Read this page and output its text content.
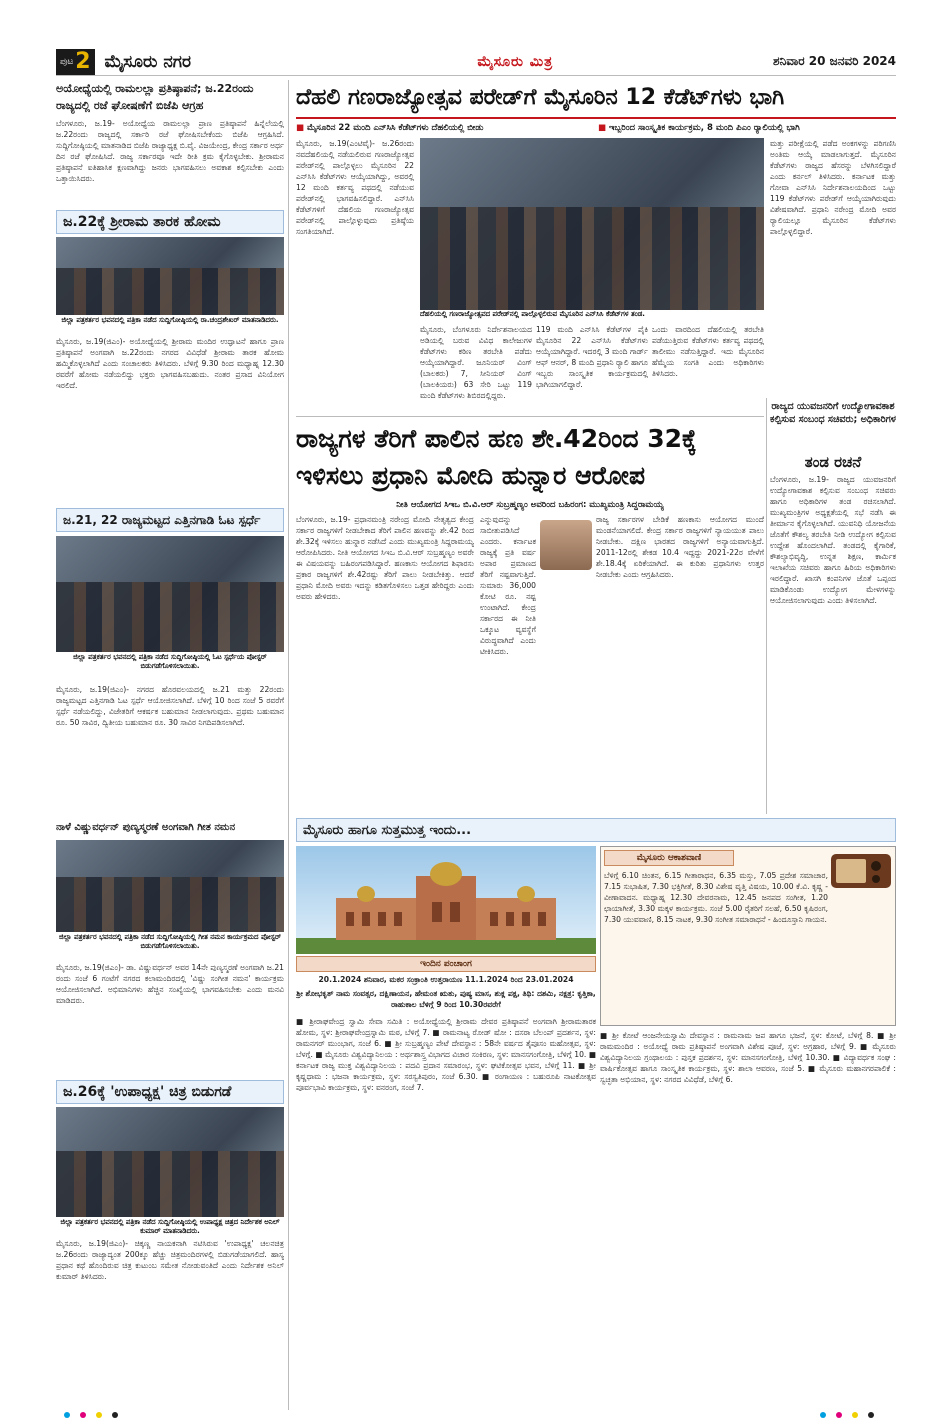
ಪುಟ 2 ಮೈಸೂರು ನಗರ	ಮೈಸೂರು ಮಿತ್ರ	ಶನಿವಾರ 20 ಜನವರಿ 2024
ಅಯೋಧ್ಯೆಯಲ್ಲಿ ರಾಮಲಲ್ಲಾ ಪ್ರತಿಷ್ಠಾಪನೆ; ಜ.22ರಂದು ರಾಜ್ಯದಲ್ಲಿ ರಜೆ ಘೋಷಣೆಗೆ ಬಿಜೆಪಿ ಆಗ್ರಹ
ಬೆಂಗಳೂರು, ಜ.19- ಅಯೋಧ್ಯೆಯ ರಾಮಲಲ್ಲಾ ಪ್ರಾಣ ಪ್ರತಿಷ್ಠಾಪನೆ ಹಿನ್ನೆಲೆಯಲ್ಲಿ ಜ.22ರಂದು ರಾಜ್ಯದಲ್ಲಿ ಸರ್ಕಾರಿ ರಜೆ ಘೋಷಿಸಬೇಕೆಂದು ಬಿಜೆಪಿ ಆಗ್ರಹಿಸಿದೆ. ಸುದ್ದಿಗೋಷ್ಠಿಯಲ್ಲಿ ಮಾತನಾಡಿದ ಬಿಜೆಪಿ ರಾಜ್ಯಾಧ್ಯಕ್ಷ ಬಿ.ವೈ. ವಿಜಯೇಂದ್ರ, ಕೇಂದ್ರ ಸರ್ಕಾರ ಅರ್ಧ ದಿನ ರಜೆ ಘೋಷಿಸಿದೆ. ರಾಜ್ಯ ಸರ್ಕಾರವೂ ಇದೇ ರೀತಿ ಕ್ರಮ ಕೈಗೊಳ್ಳಬೇಕು. ಶ್ರೀರಾಮನ ಪ್ರತಿಷ್ಠಾಪನೆ ಐತಿಹಾಸಿಕ ಕ್ಷಣವಾಗಿದ್ದು ಜನರು ಭಾಗವಹಿಸಲು ಅವಕಾಶ ಕಲ್ಪಿಸಬೇಕು ಎಂದು ಒತ್ತಾಯಿಸಿದರು.
ಜ.22ಕ್ಕೆ ಶ್ರೀರಾಮ ತಾರಕ ಹೋಮ
ಜಿಲ್ಲಾ ಪತ್ರಕರ್ತರ ಭವನದಲ್ಲಿ ಪತ್ರಿಕಾ ನಡೆದ ಸುದ್ದಿಗೋಷ್ಠಿಯಲ್ಲಿ ರಾ.ಚಂದ್ರಶೇಖರ್ ಮಾತನಾಡಿದರು.
ಮೈಸೂರು, ಜ.19(ಜಿಎಂ)- ಅಯೋಧ್ಯೆಯಲ್ಲಿ ಶ್ರೀರಾಮ ಮಂದಿರ ಉದ್ಘಾಟನೆ ಹಾಗೂ ಪ್ರಾಣ ಪ್ರತಿಷ್ಠಾಪನೆ ಅಂಗವಾಗಿ ಜ.22ರಂದು ನಗರದ ವಿವಿಧೆಡೆ ಶ್ರೀರಾಮ ತಾರಕ ಹೋಮ ಹಮ್ಮಿಕೊಳ್ಳಲಾಗಿದೆ ಎಂದು ಸಂಚಾಲಕರು ತಿಳಿಸಿದರು. ಬೆಳಿಗ್ಗೆ 9.30 ರಿಂದ ಮಧ್ಯಾಹ್ನ 12.30 ರವರೆಗೆ ಹೋಮ ನಡೆಯಲಿದ್ದು ಭಕ್ತರು ಭಾಗವಹಿಸಬಹುದು. ನಂತರ ಪ್ರಸಾದ ವಿನಿಯೋಗ ಇರಲಿದೆ.
ಜ.21, 22 ರಾಜ್ಯಮಟ್ಟದ ಎತ್ತಿನಗಾಡಿ ಓಟ ಸ್ಪರ್ಧೆ
ಜಿಲ್ಲಾ ಪತ್ರಕರ್ತರ ಭವನದಲ್ಲಿ ಪತ್ರಿಕಾ ನಡೆದ ಸುದ್ದಿಗೋಷ್ಠಿಯಲ್ಲಿ ಓಟ ಸ್ಪರ್ಧೆಯ ಪೋಸ್ಟರ್ ಬಿಡುಗಡೆಗೊಳಿಸಲಾಯಿತು.
ಮೈಸೂರು, ಜ.19(ಜಿಎಂ)- ನಗರದ ಹೊರವಲಯದಲ್ಲಿ ಜ.21 ಮತ್ತು 22ರಂದು ರಾಜ್ಯಮಟ್ಟದ ಎತ್ತಿನಗಾಡಿ ಓಟ ಸ್ಪರ್ಧೆ ಆಯೋಜಿಸಲಾಗಿದೆ. ಬೆಳಿಗ್ಗೆ 10 ರಿಂದ ಸಂಜೆ 5 ರವರೆಗೆ ಸ್ಪರ್ಧೆ ನಡೆಯಲಿದ್ದು, ವಿಜೇತರಿಗೆ ಆಕರ್ಷಕ ಬಹುಮಾನ ನೀಡಲಾಗುವುದು. ಪ್ರಥಮ ಬಹುಮಾನ ರೂ. 50 ಸಾವಿರ, ದ್ವಿತೀಯ ಬಹುಮಾನ ರೂ. 30 ಸಾವಿರ ನಿಗದಿಪಡಿಸಲಾಗಿದೆ.
ನಾಳೆ ವಿಷ್ಣುವರ್ಧನ್ ಪುಣ್ಯಸ್ಮರಣೆ ಅಂಗವಾಗಿ ಗೀತ ನಮನ
ಜಿಲ್ಲಾ ಪತ್ರಕರ್ತರ ಭವನದಲ್ಲಿ ಪತ್ರಿಕಾ ನಡೆದ ಸುದ್ದಿಗೋಷ್ಠಿಯಲ್ಲಿ ಗೀತ ನಮನ ಕಾರ್ಯಕ್ರಮದ ಪೋಸ್ಟರ್ ಬಿಡುಗಡೆಗೊಳಿಸಲಾಯಿತು.
ಮೈಸೂರು, ಜ.19(ಜಿಎಂ)- ಡಾ. ವಿಷ್ಣುವರ್ಧನ್ ಅವರ 14ನೇ ಪುಣ್ಯಸ್ಮರಣೆ ಅಂಗವಾಗಿ ಜ.21 ರಂದು ಸಂಜೆ 6 ಗಂಟೆಗೆ ನಗರದ ಕಲಾಮಂದಿರದಲ್ಲಿ 'ವಿಷ್ಣು ಸಂಗೀತ ನಮನ' ಕಾರ್ಯಕ್ರಮ ಆಯೋಜಿಸಲಾಗಿದೆ. ಅಭಿಮಾನಿಗಳು ಹೆಚ್ಚಿನ ಸಂಖ್ಯೆಯಲ್ಲಿ ಭಾಗವಹಿಸಬೇಕು ಎಂದು ಮನವಿ ಮಾಡಿದರು.
ಜ.26ಕ್ಕೆ 'ಉಪಾಧ್ಯಕ್ಷ' ಚಿತ್ರ ಬಿಡುಗಡೆ
ಜಿಲ್ಲಾ ಪತ್ರಕರ್ತರ ಭವನದಲ್ಲಿ ಪತ್ರಿಕಾ ನಡೆದ ಸುದ್ದಿಗೋಷ್ಠಿಯಲ್ಲಿ ಉಪಾಧ್ಯಕ್ಷ ಚಿತ್ರದ ನಿರ್ದೇಶಕ ಅನಿಲ್ ಕುಮಾರ್ ಮಾತನಾಡಿದರು.
ಮೈಸೂರು, ಜ.19(ಜಿಎಂ)- ಚಿಕ್ಕಣ್ಣ ನಾಯಕನಾಗಿ ನಟಿಸಿರುವ 'ಉಪಾಧ್ಯಕ್ಷ' ಚಲನಚಿತ್ರ ಜ.26ರಂದು ರಾಜ್ಯಾದ್ಯಂತ 200ಕ್ಕೂ ಹೆಚ್ಚು ಚಿತ್ರಮಂದಿರಗಳಲ್ಲಿ ಬಿಡುಗಡೆಯಾಗಲಿದೆ. ಹಾಸ್ಯ ಪ್ರಧಾನ ಕಥೆ ಹೊಂದಿರುವ ಚಿತ್ರ ಕುಟುಂಬ ಸಮೇತ ನೋಡುವಂತಿದೆ ಎಂದು ನಿರ್ದೇಶಕ ಅನಿಲ್ ಕುಮಾರ್ ತಿಳಿಸಿದರು.
ದೆಹಲಿ ಗಣರಾಜ್ಯೋತ್ಸವ ಪರೇಡ್‌ಗೆ ಮೈಸೂರಿನ 12 ಕೆಡೆಟ್‌ಗಳು ಭಾಗಿ
■ ಮೈಸೂರಿನ 22 ಮಂದಿ ಎನ್‌ಸಿಸಿ ಕೆಡೆಟ್‌ಗಳು ದೆಹಲಿಯಲ್ಲಿ ಬೀಡು	■ ಇಬ್ಬರಿಂದ ಸಾಂಸ್ಕೃತಿಕ ಕಾರ್ಯಕ್ರಮ, 8 ಮಂದಿ ಪಿಎಂ ರ್‍ಯಾಲಿಯಲ್ಲಿ ಭಾಗಿ
ಮೈಸೂರು, ಜ.19(ಎಂಟಿವೈ)- ಜ.26ರಂದು ನವದೆಹಲಿಯಲ್ಲಿ ನಡೆಯಲಿರುವ ಗಣರಾಜ್ಯೋತ್ಸವ ಪರೇಡ್‌ನಲ್ಲಿ ಪಾಲ್ಗೊಳ್ಳಲು ಮೈಸೂರಿನ 22 ಎನ್‌ಸಿಸಿ ಕೆಡೆಟ್‌ಗಳು ಆಯ್ಕೆಯಾಗಿದ್ದು, ಅವರಲ್ಲಿ 12 ಮಂದಿ ಕರ್ತವ್ಯ ಪಥದಲ್ಲಿ ನಡೆಯುವ ಪರೇಡ್‌ನಲ್ಲಿ ಭಾಗವಹಿಸಲಿದ್ದಾರೆ. ಎನ್‌ಸಿಸಿ ಕೆಡೆಟ್‌ಗಳಿಗೆ ದೆಹಲಿಯ ಗಣರಾಜ್ಯೋತ್ಸವ ಪರೇಡ್‌ನಲ್ಲಿ ಪಾಲ್ಗೊಳ್ಳುವುದು ಪ್ರತಿಷ್ಠೆಯ ಸಂಗತಿಯಾಗಿದೆ.
ದೆಹಲಿಯಲ್ಲಿ ಗಣರಾಜ್ಯೋತ್ಸವದ ಪರೇಡ್‌ನಲ್ಲಿ ಪಾಲ್ಗೊಳ್ಳಲಿರುವ ಮೈಸೂರಿನ ಎನ್‌ಸಿಸಿ ಕೆಡೆಟ್‌ಗಳ ತಂಡ.
ಮೈಸೂರು, ಬೆಂಗಳೂರು ನಿರ್ದೇಶನಾಲಯದ ಅಡಿಯಲ್ಲಿ ಬರುವ ವಿವಿಧ ಕಾಲೇಜುಗಳ ಕೆಡೆಟ್‌ಗಳು ಕಠಿಣ ತರಬೇತಿ ಪಡೆದು ಆಯ್ಕೆಯಾಗಿದ್ದಾರೆ. ಜೂನಿಯರ್ ವಿಂಗ್ (ಬಾಲಕರು) 7, ಸೀನಿಯರ್ ವಿಂಗ್ (ಬಾಲಕಿಯರು) 63 ಸೇರಿ ಒಟ್ಟು 119 ಮಂದಿ ಕೆಡೆಟ್‌ಗಳು ಶಿಬಿರದಲ್ಲಿದ್ದರು.
119 ಮಂದಿ ಎನ್‌ಸಿಸಿ ಕೆಡೆಟ್‌ಗಳ ಪೈಕಿ ಮೈಸೂರಿನ 22 ಎನ್‌ಸಿಸಿ ಕೆಡೆಟ್‌ಗಳು ಆಯ್ಕೆಯಾಗಿದ್ದಾರೆ. ಇದರಲ್ಲಿ 3 ಮಂದಿ ಗಾರ್ಡ್ ಆಫ್ ಆನರ್, 8 ಮಂದಿ ಪ್ರಧಾನಿ ರ್‍ಯಾಲಿ ಹಾಗೂ ಇಬ್ಬರು ಸಾಂಸ್ಕೃತಿಕ ಕಾರ್ಯಕ್ರಮದಲ್ಲಿ ಭಾಗಿಯಾಗಲಿದ್ದಾರೆ.
ಒಂದು ವಾರದಿಂದ ದೆಹಲಿಯಲ್ಲಿ ತರಬೇತಿ ಪಡೆಯುತ್ತಿರುವ ಕೆಡೆಟ್‌ಗಳು ಕರ್ತವ್ಯ ಪಥದಲ್ಲಿ ತಾಲೀಮು ನಡೆಸುತ್ತಿದ್ದಾರೆ. ಇದು ಮೈಸೂರಿನ ಹೆಮ್ಮೆಯ ಸಂಗತಿ ಎಂದು ಅಧಿಕಾರಿಗಳು ತಿಳಿಸಿದರು.
ಮತ್ತು ಪರೀಕ್ಷೆಯಲ್ಲಿ ಪಡೆದ ಅಂಕಗಳನ್ನು ಪರಿಗಣಿಸಿ ಅಂತಿಮ ಆಯ್ಕೆ ಮಾಡಲಾಗುತ್ತದೆ. ಮೈಸೂರಿನ ಕೆಡೆಟ್‌ಗಳು ರಾಜ್ಯದ ಹೆಸರನ್ನು ಬೆಳಗಿಸಲಿದ್ದಾರೆ ಎಂದು ಕರ್ನಲ್ ತಿಳಿಸಿದರು. ಕರ್ನಾಟಕ ಮತ್ತು ಗೋವಾ ಎನ್‌ಸಿಸಿ ನಿರ್ದೇಶನಾಲಯದಿಂದ ಒಟ್ಟು 119 ಕೆಡೆಟ್‌ಗಳು ಪರೇಡ್‌ಗೆ ಆಯ್ಕೆಯಾಗಿರುವುದು ವಿಶೇಷವಾಗಿದೆ. ಪ್ರಧಾನಿ ನರೇಂದ್ರ ಮೋದಿ ಅವರ ರ್‍ಯಾಲಿಯಲ್ಲೂ ಮೈಸೂರಿನ ಕೆಡೆಟ್‌ಗಳು ಪಾಲ್ಗೊಳ್ಳಲಿದ್ದಾರೆ.
ರಾಜ್ಯಗಳ ತೆರಿಗೆ ಪಾಲಿನ ಹಣ ಶೇ.42ರಿಂದ 32ಕ್ಕೆ ಇಳಿಸಲು ಪ್ರಧಾನಿ ಮೋದಿ ಹುನ್ನಾರ ಆರೋಪ
ನೀತಿ ಆಯೋಗದ ಸಿಇಒ ಬಿ.ವಿ.ಆರ್ ಸುಬ್ರಹ್ಮಣ್ಯಂ ಅವರಿಂದ ಬಹಿರಂಗ: ಮುಖ್ಯಮಂತ್ರಿ ಸಿದ್ದರಾಮಯ್ಯ
ಬೆಂಗಳೂರು, ಜ.19- ಪ್ರಧಾನಮಂತ್ರಿ ನರೇಂದ್ರ ಮೋದಿ ನೇತೃತ್ವದ ಕೇಂದ್ರ ಸರ್ಕಾರ ರಾಜ್ಯಗಳಿಗೆ ನೀಡಬೇಕಾದ ತೆರಿಗೆ ಪಾಲಿನ ಹಣವನ್ನು ಶೇ.42 ರಿಂದ ಶೇ.32ಕ್ಕೆ ಇಳಿಸಲು ಹುನ್ನಾರ ನಡೆಸಿದೆ ಎಂದು ಮುಖ್ಯಮಂತ್ರಿ ಸಿದ್ದರಾಮಯ್ಯ ಆರೋಪಿಸಿದರು. ನೀತಿ ಆಯೋಗದ ಸಿಇಒ ಬಿ.ವಿ.ಆರ್ ಸುಬ್ರಹ್ಮಣ್ಯಂ ಅವರೇ ಈ ವಿಷಯವನ್ನು ಬಹಿರಂಗಪಡಿಸಿದ್ದಾರೆ. ಹಣಕಾಸು ಆಯೋಗದ ಶಿಫಾರಸು ಪ್ರಕಾರ ರಾಜ್ಯಗಳಿಗೆ ಶೇ.42ರಷ್ಟು ತೆರಿಗೆ ಪಾಲು ನೀಡಬೇಕಿತ್ತು. ಆದರೆ ಪ್ರಧಾನಿ ಮೋದಿ ಅವರು ಇದನ್ನು ಕಡಿತಗೊಳಿಸಲು ಒತ್ತಡ ಹೇರಿದ್ದರು ಎಂದು ಅವರು ಹೇಳಿದರು.
ಎನ್ನುವುದನ್ನು ಸಾಬೀತುಪಡಿಸಿದೆ ಎಂದರು. ಕರ್ನಾಟಕ ರಾಜ್ಯಕ್ಕೆ ಪ್ರತಿ ವರ್ಷ ಅಪಾರ ಪ್ರಮಾಣದ ತೆರಿಗೆ ನಷ್ಟವಾಗುತ್ತಿದೆ. ಸುಮಾರು 36,000 ಕೋಟಿ ರೂ. ನಷ್ಟ ಉಂಟಾಗಿದೆ. ಕೇಂದ್ರ ಸರ್ಕಾರದ ಈ ನೀತಿ ಒಕ್ಕೂಟ ವ್ಯವಸ್ಥೆಗೆ ವಿರುದ್ಧವಾಗಿದೆ ಎಂದು ಟೀಕಿಸಿದರು.
ರಾಜ್ಯ ಸರ್ಕಾರಗಳ ಬೇಡಿಕೆ ಹಣಕಾಸು ಆಯೋಗದ ಮುಂದೆ ಮಂಡನೆಯಾಗಲಿದೆ. ಕೇಂದ್ರ ಸರ್ಕಾರ ರಾಜ್ಯಗಳಿಗೆ ನ್ಯಾಯಯುತ ಪಾಲು ನೀಡಬೇಕು. ದಕ್ಷಿಣ ಭಾರತದ ರಾಜ್ಯಗಳಿಗೆ ಅನ್ಯಾಯವಾಗುತ್ತಿದೆ. 2011-12ರಲ್ಲಿ ಶೇಕಡ 10.4 ಇದ್ದದ್ದು 2021-22ರ ವೇಳೆಗೆ ಶೇ.18.4ಕ್ಕೆ ಏರಿಕೆಯಾಗಿದೆ. ಈ ಕುರಿತು ಪ್ರಧಾನಿಗಳು ಉತ್ತರ ನೀಡಬೇಕು ಎಂದು ಆಗ್ರಹಿಸಿದರು.
ರಾಜ್ಯದ ಯುವಜನರಿಗೆ ಉದ್ಯೋಗಾವಕಾಶ ಕಲ್ಪಿಸುವ ಸಂಬಂಧ ಸಚಿವರು; ಅಧಿಕಾರಿಗಳ
ತಂಡ ರಚನೆ
ಬೆಂಗಳೂರು, ಜ.19- ರಾಜ್ಯದ ಯುವಜನರಿಗೆ ಉದ್ಯೋಗಾವಕಾಶ ಕಲ್ಪಿಸುವ ಸಂಬಂಧ ಸಚಿವರು ಹಾಗೂ ಅಧಿಕಾರಿಗಳ ತಂಡ ರಚಿಸಲಾಗಿದೆ. ಮುಖ್ಯಮಂತ್ರಿಗಳ ಅಧ್ಯಕ್ಷತೆಯಲ್ಲಿ ಸಭೆ ನಡೆಸಿ ಈ ತೀರ್ಮಾನ ಕೈಗೊಳ್ಳಲಾಗಿದೆ. ಯುವನಿಧಿ ಯೋಜನೆಯ ಜೊತೆಗೆ ಕೌಶಲ್ಯ ತರಬೇತಿ ನೀಡಿ ಉದ್ಯೋಗ ಕಲ್ಪಿಸುವ ಉದ್ದೇಶ ಹೊಂದಲಾಗಿದೆ. ತಂಡದಲ್ಲಿ ಕೈಗಾರಿಕೆ, ಕೌಶಲ್ಯಾಭಿವೃದ್ಧಿ, ಉನ್ನತ ಶಿಕ್ಷಣ, ಕಾರ್ಮಿಕ ಇಲಾಖೆಯ ಸಚಿವರು ಹಾಗೂ ಹಿರಿಯ ಅಧಿಕಾರಿಗಳು ಇರಲಿದ್ದಾರೆ. ಖಾಸಗಿ ಕಂಪನಿಗಳ ಜೊತೆ ಒಪ್ಪಂದ ಮಾಡಿಕೊಂಡು ಉದ್ಯೋಗ ಮೇಳಗಳನ್ನು ಆಯೋಜಿಸಲಾಗುವುದು ಎಂದು ತಿಳಿಸಲಾಗಿದೆ.
ಮೈಸೂರು ಹಾಗೂ ಸುತ್ತಮುತ್ತ ಇಂದು...
ಇಂದಿನ ಪಂಚಾಂಗ
20.1.2024 ಶನಿವಾರ, ಮಕರ ಸಂಕ್ರಾಂತಿ ಉತ್ತರಾಯಣ 11.1.2024 ರಿಂದ 23.01.2024
ಶ್ರೀ ಶೋಭಕೃತ್ ನಾಮ ಸಂವತ್ಸರ, ದಕ್ಷಿಣಾಯನ, ಹೇಮಂತ ಋತು, ಪುಷ್ಯ ಮಾಸ, ಶುಕ್ಲ ಪಕ್ಷ, ತಿಥಿ: ದಶಮಿ, ನಕ್ಷತ್ರ: ಕೃತ್ತಿಕಾ, ರಾಹುಕಾಲ ಬೆಳಿಗ್ಗೆ 9 ರಿಂದ 10.30ರವರೆಗೆ
■ ಶ್ರೀರಾಘವೇಂದ್ರ ಸ್ವಾಮಿ ಸೇವಾ ಸಮಿತಿ : ಅಯೋಧ್ಯೆಯಲ್ಲಿ ಶ್ರೀರಾಮ ದೇವರ ಪ್ರತಿಷ್ಠಾಪನೆ ಅಂಗವಾಗಿ ಶ್ರೀರಾಮತಾರಕ ಹೋಮ, ಸ್ಥಳ: ಶ್ರೀರಾಘವೇಂದ್ರಸ್ವಾಮಿ ಮಠ, ಬೆಳಿಗ್ಗೆ 7. ■ ರಾಮನಾಟ್ಯ ರೋಡ್ ಷೋ : ದಸರಾ ಬೆಲಂಪ್ ಪ್ರದರ್ಶನ, ಸ್ಥಳ: ರಾಮನಗರ್ ಮುಂಭಾಗ, ಸಂಜೆ 6. ■ ಶ್ರೀ ಸುಬ್ರಹ್ಮಣ್ಯಂ ಪೇಟೆ ದೇವಸ್ಥಾನ : 58ನೇ ವರ್ಷದ ತೈಪೂಸಂ ಮಹೋತ್ಸವ, ಸ್ಥಳ: ಬೆಳಗ್ಗೆ. ■ ಮೈಸೂರು ವಿಶ್ವವಿದ್ಯಾನಿಲಯ : ಅರ್ಥಶಾಸ್ತ್ರ ವಿಭಾಗದ ವಿಚಾರ ಸಂಕಿರಣ, ಸ್ಥಳ: ಮಾನಸಗಂಗೋತ್ರಿ, ಬೆಳಿಗ್ಗೆ 10. ■ ಕರ್ನಾಟಕ ರಾಜ್ಯ ಮುಕ್ತ ವಿಶ್ವವಿದ್ಯಾನಿಲಯ : ಪದವಿ ಪ್ರದಾನ ಸಮಾರಂಭ, ಸ್ಥಳ: ಘಟಿಕೋತ್ಸವ ಭವನ, ಬೆಳಿಗ್ಗೆ 11. ■ ಶ್ರೀ ಕೃಷ್ಣಧಾಮ : ಭಜನಾ ಕಾರ್ಯಕ್ರಮ, ಸ್ಥಳ: ಸರಸ್ವತಿಪುರಂ, ಸಂಜೆ 6.30. ■ ರಂಗಾಯಣ : ಬಹುರೂಪಿ ನಾಟಕೋತ್ಸವ ಪೂರ್ವಭಾವಿ ಕಾರ್ಯಕ್ರಮ, ಸ್ಥಳ: ವನರಂಗ, ಸಂಜೆ 7.
ಮೈಸೂರು ಆಕಾಶವಾಣಿ
ಬೆಳಿಗ್ಗೆ 6.10 ಚಿಂತನ, 6.15 ಗೀತಾರಾಧನ, 6.35 ಮಸ್ತು, 7.05 ಪ್ರದೇಶ ಸಮಾಚಾರ, 7.15 ಸುಭಾಷಿತ, 7.30 ಭಕ್ತಿಗೀತೆ, 8.30 ವಿಶೇಷ ವೃತ್ತಿ ವಿಷಯ, 10.00 ಕೆ.ವಿ. ಕೃಷ್ಣ - ವೀಣಾವಾದನ. ಮಧ್ಯಾಹ್ನ 12.30 ದೇವರನಾಮ, 12.45 ಜನಪದ ಸಂಗೀತ, 1.20 ಛಾಯಾಗೀತೆ, 3.30 ಮಕ್ಕಳ ಕಾರ್ಯಕ್ರಮ. ಸಂಜೆ 5.00 ರೈತರಿಗೆ ಸಲಹೆ, 6.50 ಕೃಷಿರಂಗ, 7.30 ಯುವವಾಣಿ, 8.15 ನಾಟಕ, 9.30 ಸಂಗೀತ ಸಮಾರಾಧನೆ - ಹಿಂದೂಸ್ತಾನಿ ಗಾಯನ.
■ ಶ್ರೀ ಕೋಟೆ ಆಂಜನೇಯಸ್ವಾಮಿ ದೇವಸ್ಥಾನ : ರಾಮನಾಮ ಜಪ ಹಾಗೂ ಭಜನೆ, ಸ್ಥಳ: ಕೋಟೆ, ಬೆಳಿಗ್ಗೆ 8. ■ ಶ್ರೀ ರಾಮಮಂದಿರ : ಅಯೋಧ್ಯೆ ರಾಮ ಪ್ರತಿಷ್ಠಾಪನೆ ಅಂಗವಾಗಿ ವಿಶೇಷ ಪೂಜೆ, ಸ್ಥಳ: ಅಗ್ರಹಾರ, ಬೆಳಿಗ್ಗೆ 9. ■ ಮೈಸೂರು ವಿಶ್ವವಿದ್ಯಾನಿಲಯ ಗ್ರಂಥಾಲಯ : ಪುಸ್ತಕ ಪ್ರದರ್ಶನ, ಸ್ಥಳ: ಮಾನಸಗಂಗೋತ್ರಿ, ಬೆಳಿಗ್ಗೆ 10.30. ■ ವಿದ್ಯಾವರ್ಧಕ ಸಂಘ : ವಾರ್ಷಿಕೋತ್ಸವ ಹಾಗೂ ಸಾಂಸ್ಕೃತಿಕ ಕಾರ್ಯಕ್ರಮ, ಸ್ಥಳ: ಶಾಲಾ ಆವರಣ, ಸಂಜೆ 5. ■ ಮೈಸೂರು ಮಹಾನಗರಪಾಲಿಕೆ : ಸ್ವಚ್ಛತಾ ಅಭಿಯಾನ, ಸ್ಥಳ: ನಗರದ ವಿವಿಧೆಡೆ, ಬೆಳಿಗ್ಗೆ 6.
